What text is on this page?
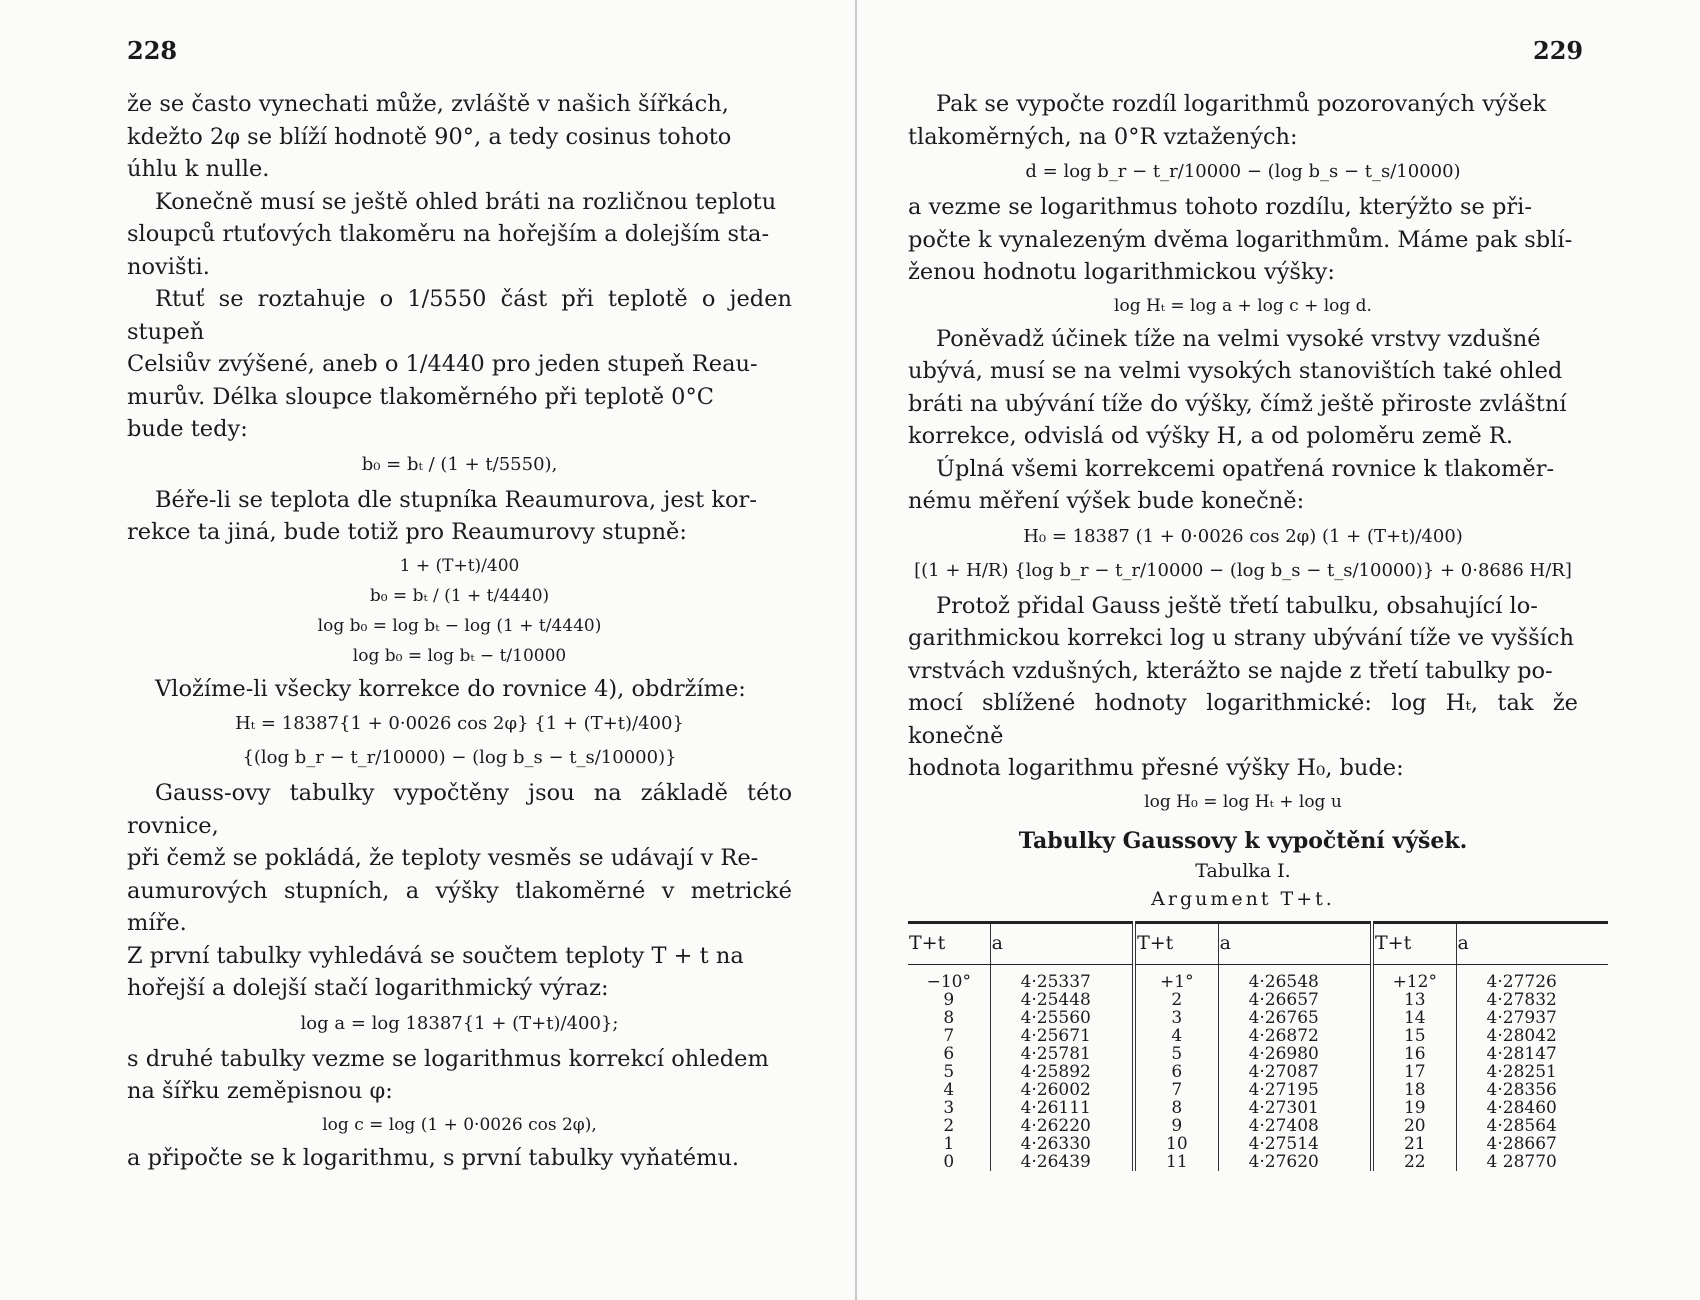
228

že se často vynechati může, zvláště v našich šířkách,

kdežto 2φ se blíží hodnotě 90°, a tedy cosinus tohoto

úhlu k nulle.

Konečně musí se ještě ohled bráti na rozličnou teplotu

sloupců rtuťových tlakoměru na hořejším a dolejším sta-

novišti.

Rtuť se roztahuje o 1/5550 část při teplotě o jeden stupeň

Celsiův zvýšené, aneb o 1/4440 pro jeden stupeň Reau-

murův. Délka sloupce tlakoměrného při teplotě 0°C

bude tedy:

b₀ = bₜ / (1 + t/5550),

Béře-li se teplota dle stupníka Reaumurova, jest kor-

rekce ta jiná, bude totiž pro Reaumurovy stupně:

1 + (T+t)/400

b₀ = bₜ / (1 + t/4440)

log b₀ = log bₜ − log (1 + t/4440)

log b₀ = log bₜ − t/10000

Vložíme-li všecky korrekce do rovnice 4), obdržíme:

Hₜ = 18387{1 + 0·0026 cos 2φ} {1 + (T+t)/400}

{(log b_r − t_r/10000) − (log b_s − t_s/10000)}

Gauss-ovy tabulky vypočtěny jsou na základě této rovnice,

při čemž se pokládá, že teploty vesměs se udávají v Re-

aumurových stupních, a výšky tlakoměrné v metrické míře.

Z první tabulky vyhledává se součtem teploty T + t na

hořejší a dolejší stačí logarithmický výraz:

log a = log 18387{1 + (T+t)/400};

s druhé tabulky vezme se logarithmus korrekcí ohledem

na šířku zeměpisnou φ:

log c = log (1 + 0·0026 cos 2φ),

a připočte se k logarithmu, s první tabulky vyňatému.

229

Pak se vypočte rozdíl logarithmů pozorovaných výšek

tlakoměrných, na 0°R vztažených:

d = log b_r − t_r/10000 − (log b_s − t_s/10000)

a vezme se logarithmus tohoto rozdílu, kterýžto se při-

počte k vynalezeným dvěma logarithmům. Máme pak sblí-

ženou hodnotu logarithmickou výšky:

log Hₜ = log a + log c + log d.

Poněvadž účinek tíže na velmi vysoké vrstvy vzdušné

ubývá, musí se na velmi vysokých stanovištích také ohled

bráti na ubývání tíže do výšky, čímž ještě přiroste zvláštní

korrekce, odvislá od výšky H, a od poloměru země R.

Úplná všemi korrekcemi opatřená rovnice k tlakoměr-

nému měření výšek bude konečně:

H₀ = 18387 (1 + 0·0026 cos 2φ) (1 + (T+t)/400)

[(1 + H/R) {log b_r − t_r/10000 − (log b_s − t_s/10000)} + 0·8686 H/R]

Protož přidal Gauss ještě třetí tabulku, obsahující lo-

garithmickou korrekci log u strany ubývání tíže ve vyšších

vrstvách vzdušných, kterážto se najde z třetí tabulky po-

mocí sblížené hodnoty logarithmické: log Hₜ, tak že konečně

hodnota logarithmu přesné výšky H₀, bude:

log H₀ = log Hₜ + log u

Tabulky Gaussovy k vypočtění výšek.
Tabulka I.
Argument T+t.
T+t	a	T+t	a	T+t	a
−10°	4·25337	+1°	4·26548	+12°	4·27726
9	4·25448	2	4·26657	13	4·27832
8	4·25560	3	4·26765	14	4·27937
7	4·25671	4	4·26872	15	4·28042
6	4·25781	5	4·26980	16	4·28147
5	4·25892	6	4·27087	17	4·28251
4	4·26002	7	4·27195	18	4·28356
3	4·26111	8	4·27301	19	4·28460
2	4·26220	9	4·27408	20	4·28564
1	4·26330	10	4·27514	21	4·28667
0	4·26439	11	4·27620	22	4 28770
